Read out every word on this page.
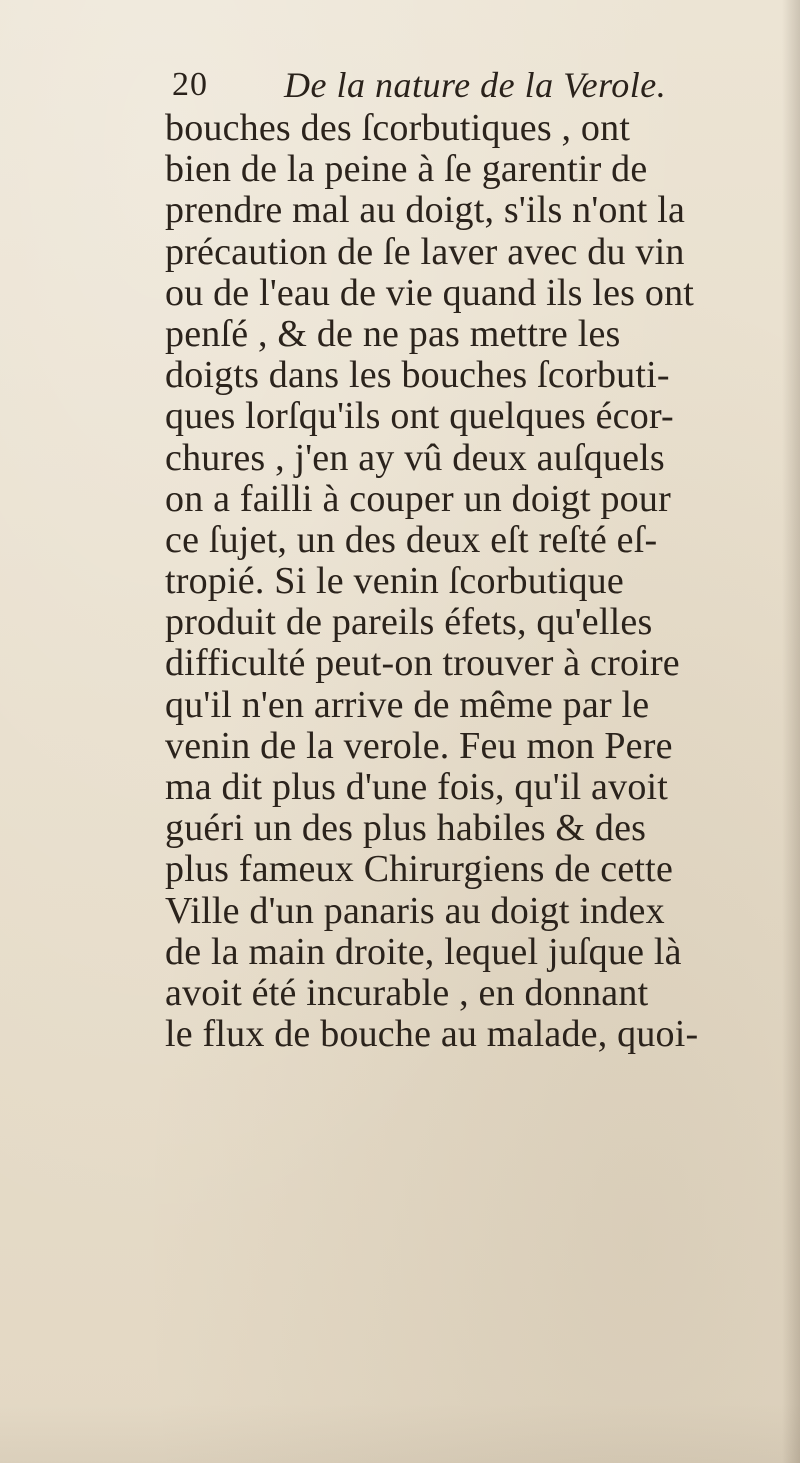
20 De la nature de la Verole.
bouches des ſcorbutiques , ont
bien de la peine à ſe garentir de
prendre mal au doigt, s'ils n'ont la
précaution de ſe laver avec du vin
ou de l'eau de vie quand ils les ont
penſé , & de ne pas mettre les
doigts dans les bouches ſcorbuti-
ques lorſqu'ils ont quelques écor-
chures , j'en ay vû deux auſquels
on a failli à couper un doigt pour
ce ſujet, un des deux eſt reſté eſ-
tropié. Si le venin ſcorbutique
produit de pareils éfets, qu'elles
difficulté peut-on trouver à croire
qu'il n'en arrive de même par le
venin de la verole. Feu mon Pere
ma dit plus d'une fois, qu'il avoit
guéri un des plus habiles & des
plus fameux Chirurgiens de cette
Ville d'un panaris au doigt index
de la main droite, lequel juſque là
avoit été incurable , en donnant
le flux de bouche au malade, quoi-
